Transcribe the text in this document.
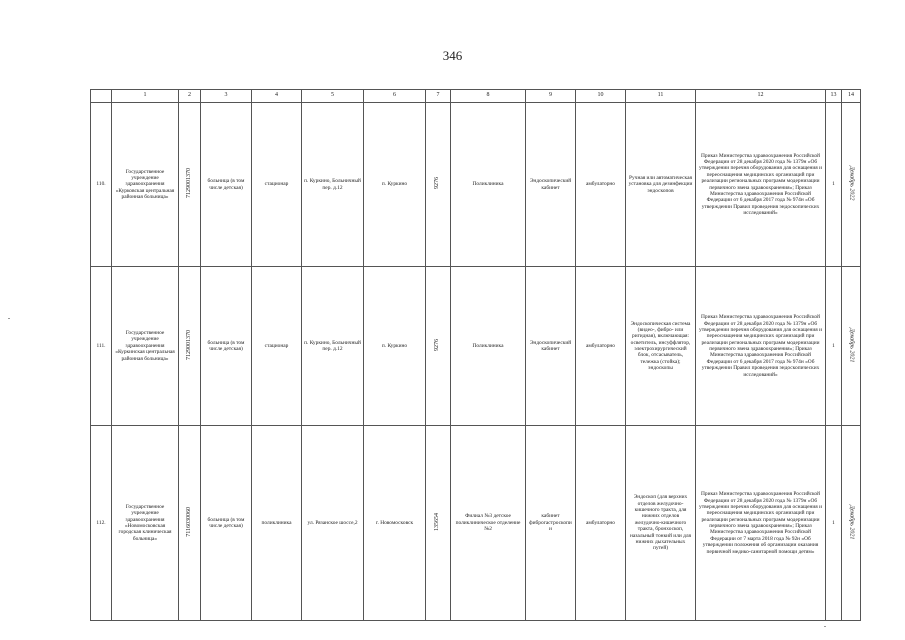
346
	1	2	3	4	5	6	7	8	9	10	11	12	13	14
110.	Государственное учреждение здравоохранения «Курковская центральная районная больница»	7129001370	больница (в том числе детская)	стационар	п. Куркино, Больничный пер. д.12	п. Куркино	9276	Поликлиника	Эндоскопический кабинет	амбулаторно	Ручная или автоматическая установка для дезинфекции эндоскопов	Приказ Министерства здравоохранения Российской Федерации от 28 декабря 2020 года № 1379н «Об утверждении перечня оборудования для оснащения и переоснащения медицинских организаций при реализации региональных программ модернизации первичного звена здравоохранения»; Приказ Министерства здравоохранения Российской Федерации от 6 декабря 2017 года № 974н «Об утверждении Правил проведения эндоскопических исследований»	1	Декабрь 2022
111.	Государственное учреждение здравоохранения «Куркинская центральная районная больница»	7129001370	больница (в том числе детская)	стационар	п. Куркино, Больничный пер. д.12	п. Куркино	9276	Поликлиника	Эндоскопический кабинет	амбулаторно	Эндоскопическая система (видео-, фибро- или ригидная), включающая: осветитель, инсуффлятор, электрохирургический блок, отсасыватель, тележка (стойка); эндоскопы	Приказ Министерства здравоохранения Российской Федерации от 28 декабря 2020 года № 1379н «Об утверждении перечня оборудования для оснащения и переоснащения медицинских организаций при реализации региональных программ модернизации первичного звена здравоохранения»; Приказ Министерства здравоохранения Российской Федерации от 6 декабря 2017 года № 974н «Об утверждении Правил проведения эндоскопических исследований»	1	Декабрь 2021
112.	Государственное учреждение здравоохранения «Новомосковская городская клиническая больница»	7116030060	больница (в том числе детская)	поликлиника	ул. Рязанское шоссе,2	г. Новомосковск	135654	Филиал №3 детское поликлиническое отделение №2	кабинет фиброгастроскопии	амбулаторно	Эндоскоп (для верхних отделов желудочно-кишечного тракта, для нижних отделов желудочно-кишечного тракта, бронхоскоп, назальный тонкий или для нижних дыхательных путей)	Приказ Министерства здравоохранения Российской Федерации от 28 декабря 2020 года № 1379н «Об утверждении перечня оборудования для оснащения и переоснащения медицинских организаций при реализации региональных программ модернизации первичного звена здравоохранения»; Приказ Министерства здравоохранения Российской Федерации от 7 марта 2018 года № 92н «Об утверждении положения об организации оказания первичной медико-санитарной помощи детям»	1	Декабрь 2021
